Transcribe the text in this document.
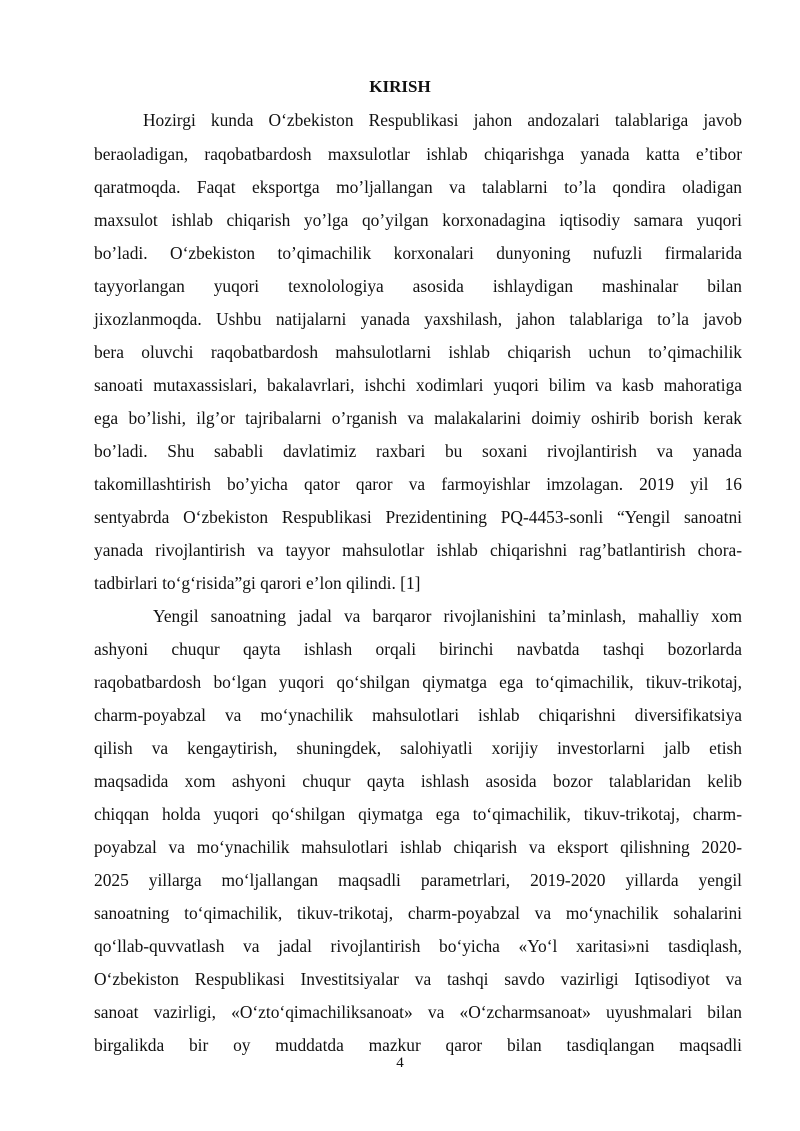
KIRISH
Hozirgi kunda O‘zbekiston Respublikasi jahon andozalari talablariga javob
beraoladigan, raqobatbardosh maxsulotlar ishlab chiqarishga yanada katta e’tibor
qaratmoqda. Faqat eksportga mo’ljallangan va talablarni to’la qondira oladigan
maxsulot ishlab chiqarish yo’lga qo’yilgan korxonadagina iqtisodiy samara yuqori
bo’ladi. O‘zbekiston to’qimachilik korxonalari dunyoning nufuzli firmalarida
tayyorlangan yuqori texnolologiya asosida ishlaydigan mashinalar bilan
jixozlanmoqda. Ushbu natijalarni yanada yaxshilash, jahon talablariga to’la javob
bera oluvchi raqobatbardosh mahsulotlarni ishlab chiqarish uchun to’qimachilik
sanoati mutaxassislari, bakalavrlari, ishchi xodimlari yuqori bilim va kasb mahoratiga
ega bo’lishi, ilg’or tajribalarni o’rganish va malakalarini doimiy oshirib borish kerak
bo’ladi. Shu sababli davlatimiz raxbari bu soxani rivojlantirish va yanada
takomillashtirish bo’yicha qator qaror va farmoyishlar imzolagan. 2019 yil 16
sentyabrda O‘zbekiston Respublikasi Prezidentining PQ-4453-sonli “Yengil sanoatni
yanada rivojlantirish va tayyor mahsulotlar ishlab chiqarishni rag’batlantirish chora-
tadbirlari to‘g‘risida”gi qarori e’lon qilindi. [1]
Yengil sanoatning jadal va barqaror rivojlanishini ta’minlash, mahalliy xom
ashyoni chuqur qayta ishlash orqali birinchi navbatda tashqi bozorlarda
raqobatbardosh bo‘lgan yuqori qo‘shilgan qiymatga ega to‘qimachilik, tikuv-trikotaj,
charm-poyabzal va mo‘ynachilik mahsulotlari ishlab chiqarishni diversifikatsiya
qilish va kengaytirish, shuningdek, salohiyatli xorijiy investorlarni jalb etish
maqsadida xom ashyoni chuqur qayta ishlash asosida bozor talablaridan kelib
chiqqan holda yuqori qo‘shilgan qiymatga ega to‘qimachilik, tikuv-trikotaj, charm-
poyabzal va mo‘ynachilik mahsulotlari ishlab chiqarish va eksport qilishning 2020-
2025 yillarga mo‘ljallangan maqsadli parametrlari, 2019-2020 yillarda yengil
sanoatning to‘qimachilik, tikuv-trikotaj, charm-poyabzal va mo‘ynachilik sohalarini
qo‘llab-quvvatlash va jadal rivojlantirish bo‘yicha «Yo‘l xaritasi»ni tasdiqlash,
O‘zbekiston Respublikasi Investitsiyalar va tashqi savdo vazirligi Iqtisodiyot va
sanoat vazirligi, «O‘zto‘qimachiliksanoat» va «O‘zcharmsanoat» uyushmalari bilan
birgalikda bir oy muddatda mazkur qaror bilan tasdiqlangan maqsadli
4
